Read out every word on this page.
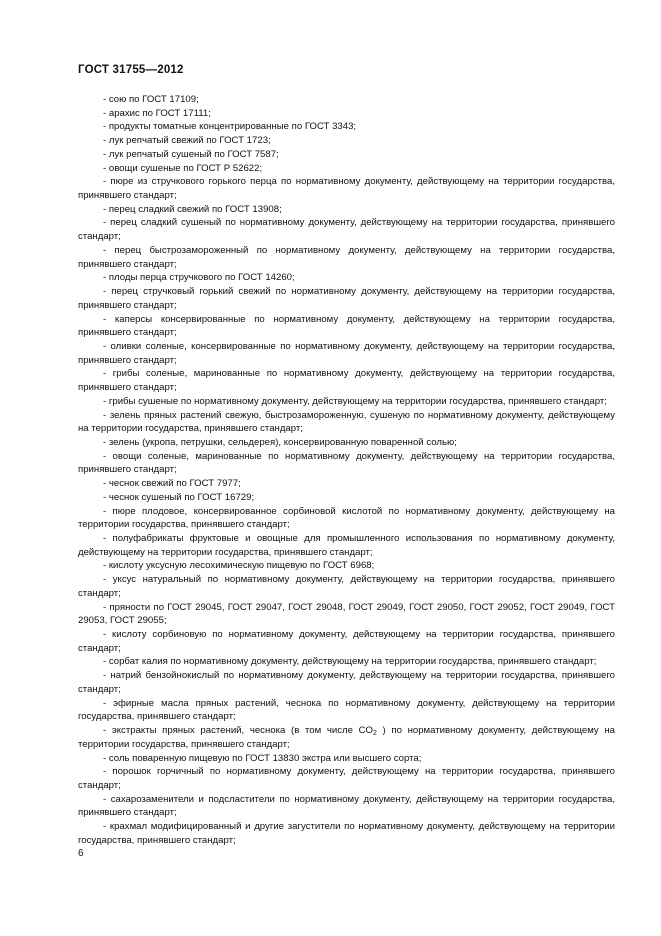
ГОСТ 31755—2012

- сою по ГОСТ 17109;

- арахис по ГОСТ 17111;

- продукты томатные концентрированные по ГОСТ 3343;

- лук репчатый свежий по ГОСТ 1723;

- лук репчатый сушеный по ГОСТ 7587;

- овощи сушеные по ГОСТ Р 52622;

- пюре из стручкового горького перца по нормативному документу, действующему на территории государства, принявшего стандарт;

- перец сладкий свежий по ГОСТ 13908;

- перец сладкий сушеный по нормативному документу, действующему на территории государства, принявшего стандарт;

- перец быстрозамороженный по нормативному документу, действующему на территории государства, принявшего стандарт;

- плоды перца стручкового по ГОСТ 14260;

- перец стручковый горький свежий по нормативному документу, действующему на территории государства, принявшего стандарт;

- каперсы консервированные по нормативному документу, действующему на территории государства, принявшего стандарт;

- оливки соленые, консервированные по нормативному документу, действующему на территории государства, принявшего стандарт;

- грибы соленые, маринованные по нормативному документу, действующему на территории государства, принявшего стандарт;

- грибы сушеные по нормативному документу, действующему на территории государства, принявшего стандарт;

- зелень пряных растений свежую, быстрозамороженную, сушеную по нормативному документу, действующему на территории государства, принявшего стандарт;

- зелень (укропа, петрушки, сельдерея), консервированную поваренной солью;

- овощи соленые, маринованные по нормативному документу, действующему на территории государства, принявшего стандарт;

- чеснок свежий по ГОСТ 7977;

- чеснок сушеный по ГОСТ 16729;

- пюре плодовое, консервированное сорбиновой кислотой по нормативному документу, действующему на территории государства, принявшего стандарт;

- полуфабрикаты фруктовые и овощные для промышленного использования по нормативному документу, действующему на территории государства, принявшего стандарт;

- кислоту уксусную лесохимическую пищевую по ГОСТ 6968;

- уксус натуральный по нормативному документу, действующему на территории государства, принявшего стандарт;

- пряности по ГОСТ 29045, ГОСТ 29047, ГОСТ 29048, ГОСТ 29049, ГОСТ 29050, ГОСТ 29052, ГОСТ 29049, ГОСТ 29053, ГОСТ 29055;

- кислоту сорбиновую по нормативному документу, действующему на территории государства, принявшего стандарт;

- сорбат калия по нормативному документу, действующему на территории государства, принявшего стандарт;

- натрий бензойнокислый по нормативному документу, действующему на территории государства, принявшего стандарт;

- эфирные масла пряных растений, чеснока по нормативному документу, действующему на территории государства, принявшего стандарт;

- экстракты пряных растений, чеснока (в том числе $CO_2$ ) по нормативному документу, действующему на территории государства, принявшего стандарт;

- соль поваренную пищевую по ГОСТ 13830 экстра или высшего сорта;

- порошок горчичный по нормативному документу, действующему на территории государства, принявшего стандарт;

- сахарозаменители и подсластители по нормативному документу, действующему на территории государства, принявшего стандарт;

- крахмал модифицированный и другие загустители по нормативному документу, действующему на территории государства, принявшего стандарт;

6
